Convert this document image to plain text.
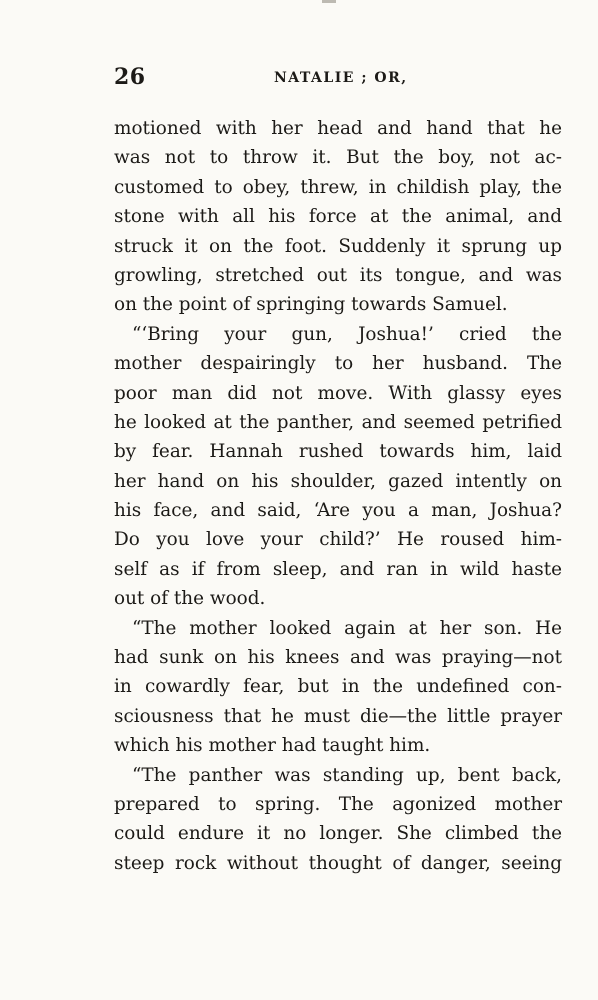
26	NATALIE ; OR,
motioned with her head and hand that he
was not to throw it. But the boy, not ac-
customed to obey, threw, in childish play, the
stone with all his force at the animal, and
struck it on the foot. Suddenly it sprung up
growling, stretched out its tongue, and was
on the point of springing towards Samuel.
“‘Bring your gun, Joshua!’ cried the
mother despairingly to her husband. The
poor man did not move. With glassy eyes
he looked at the panther, and seemed petrified
by fear. Hannah rushed towards him, laid
her hand on his shoulder, gazed intently on
his face, and said, ‘Are you a man, Joshua?
Do you love your child?’ He roused him-
self as if from sleep, and ran in wild haste
out of the wood.
“The mother looked again at her son. He
had sunk on his knees and was praying—not
in cowardly fear, but in the undefined con-
sciousness that he must die—the little prayer
which his mother had taught him.
“The panther was standing up, bent back,
prepared to spring. The agonized mother
could endure it no longer. She climbed the
steep rock without thought of danger, seeing
